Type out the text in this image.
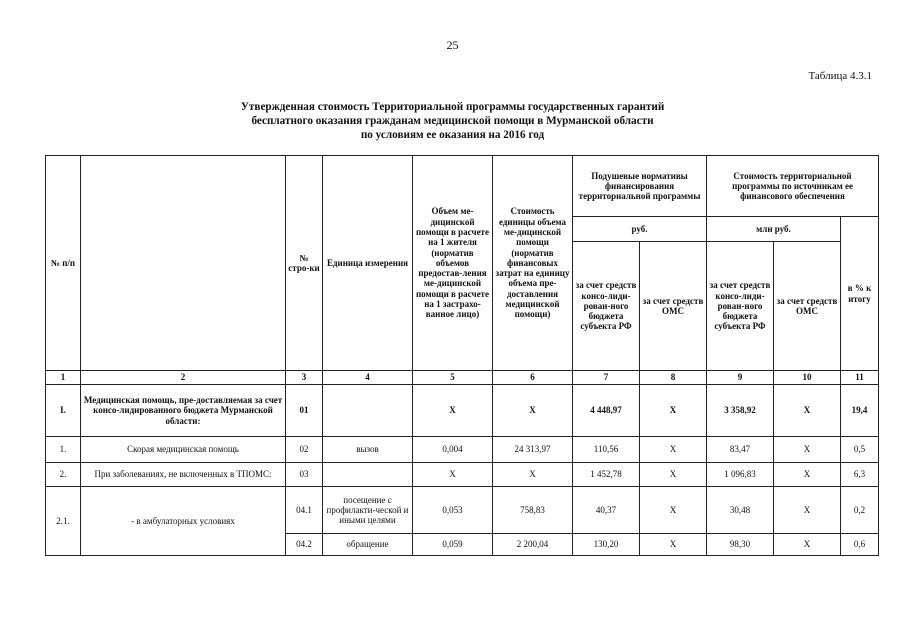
25
Таблица 4.3.1
Утвержденная стоимость Территориальной программы государственных гарантий
бесплатного оказания гражданам медицинской помощи в Мурманской области
по условиям ее оказания на 2016 год
№ п/п		№ стро-ки	Единица измерения	Объем ме-дицинской помощи в расчете на 1 жителя (норматив объемов предостав-ления ме-дицинской помощи в расчете на 1 застрахо-ванное лицо)	Стоимость единицы объема ме-дицинской помощи (норматив финансовых затрат на единицу объема пре-доставления медицинской помощи)	Подушевые нормативы финансирования территориальной программы		Стоимость территориальной программы по источникам ее финансового обеспечения		
						руб.		млн руб.		в % к итогу
						за счет средств консо-лиди-рован-ного бюджета субъекта РФ	за счет средств ОМС	за счет средств консо-лиди-рован-ного бюджета субъекта РФ	за счет средств ОМС	
1	2	3	4	5	6	7	8	9	10	11
I.	Медицинская помощь, пре-доставляемая за счет консо-лидированного бюджета Мурманской области:	01		Х	Х	4 448,97	Х	3 358,92	Х	19,4
1.	Скорая медицинская помощь	02	вызов	0,004	24 313,97	110,56	Х	83,47	Х	0,5
2.	При заболеваниях, не включенных в ТПОМС:	03		Х	Х	1 452,78	Х	1 096,83	Х	6,3
2.1.	- в амбулаторных условиях	04.1	посещение с профилакти-ческой и иными целями	0,053	758,83	40,37	Х	30,48	Х	0,2
		04.2	обращение	0,059	2 200,04	130,20	Х	98,30	Х	0,6
